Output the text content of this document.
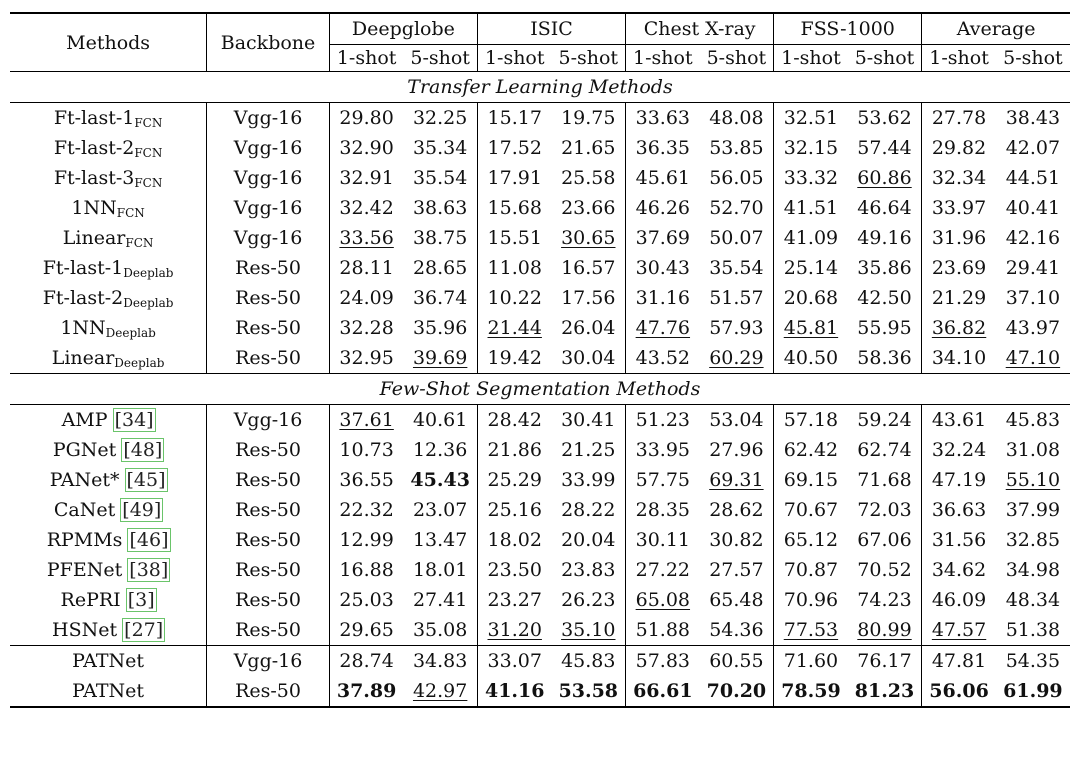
Methods	Backbone	Deepglobe		ISIC		Chest X-ray		FSS-1000		Average	
		1-shot	5-shot	1-shot	5-shot	1-shot	5-shot	1-shot	5-shot	1-shot	5-shot
Transfer Learning Methods											
$Ft-last-1_{FCN}$	Vgg-16	29.80	32.25	15.17	19.75	33.63	48.08	32.51	53.62	27.78	38.43
$Ft-last-2_{FCN}$	Vgg-16	32.90	35.34	17.52	21.65	36.35	53.85	32.15	57.44	29.82	42.07
$Ft-last-3_{FCN}$	Vgg-16	32.91	35.54	17.91	25.58	45.61	56.05	33.32	60.86	32.34	44.51
$1NN_{FCN}$	Vgg-16	32.42	38.63	15.68	23.66	46.26	52.70	41.51	46.64	33.97	40.41
Linear$_{FCN}$	Vgg-16	33.56	38.75	15.51	30.65	37.69	50.07	41.09	49.16	31.96	42.16
$Ft-last-1_{Deeplab}$	Res-50	28.11	28.65	11.08	16.57	30.43	35.54	25.14	35.86	23.69	29.41
$Ft-last-2_{Deeplab}$	Res-50	24.09	36.74	10.22	17.56	31.16	51.57	20.68	42.50	21.29	37.10
$1NN_{Deeplab}$	Res-50	32.28	35.96	21.44	26.04	47.76	57.93	45.81	55.95	36.82	43.97
Linear$_{Deeplab}$	Res-50	32.95	39.69	19.42	30.04	43.52	60.29	40.50	58.36	34.10	47.10
Few-Shot Segmentation Methods											
AMP [34]	Vgg-16	37.61	40.61	28.42	30.41	51.23	53.04	57.18	59.24	43.61	45.83
PGNet [48]	Res-50	10.73	12.36	21.86	21.25	33.95	27.96	62.42	62.74	32.24	31.08
PANet* [45]	Res-50	36.55	45.43	25.29	33.99	57.75	69.31	69.15	71.68	47.19	55.10
CaNet [49]	Res-50	22.32	23.07	25.16	28.22	28.35	28.62	70.67	72.03	36.63	37.99
RPMMs [46]	Res-50	12.99	13.47	18.02	20.04	30.11	30.82	65.12	67.06	31.56	32.85
PFENet [38]	Res-50	16.88	18.01	23.50	23.83	27.22	27.57	70.87	70.52	34.62	34.98
RePRI [3]	Res-50	25.03	27.41	23.27	26.23	65.08	65.48	70.96	74.23	46.09	48.34
HSNet [27]	Res-50	29.65	35.08	31.20	35.10	51.88	54.36	77.53	80.99	47.57	51.38
PATNet	Vgg-16	28.74	34.83	33.07	45.83	57.83	60.55	71.60	76.17	47.81	54.35
PATNet	Res-50	37.89	42.97	41.16	53.58	66.61	70.20	78.59	81.23	56.06	61.99
